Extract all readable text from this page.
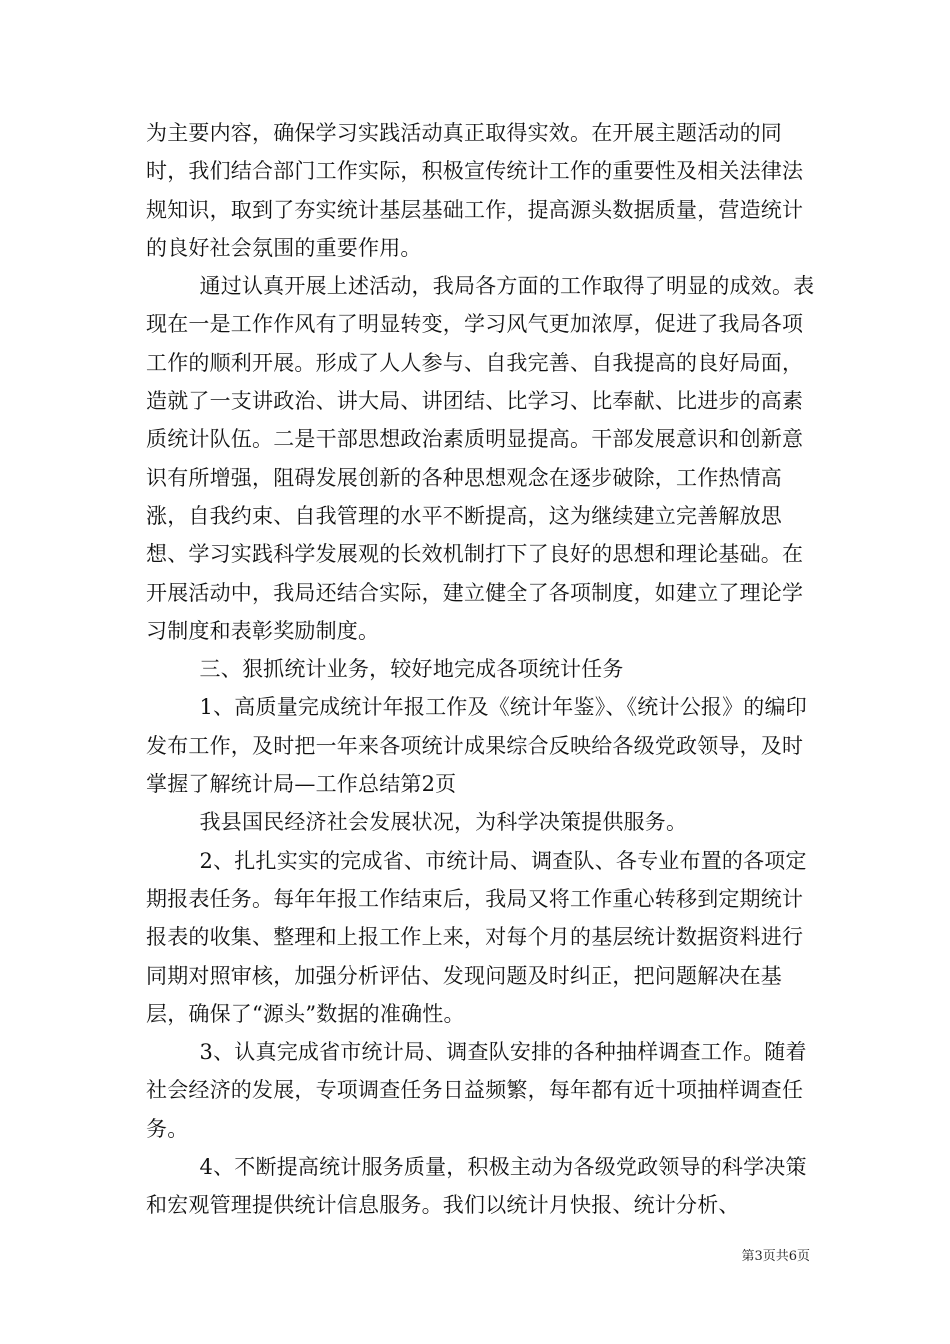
为主要内容，确保学习实践活动真正取得实效。在开展主题活动的同时，我们结合部门工作实际，积极宣传统计工作的重要性及相关法律法规知识，取到了夯实统计基层基础工作，提高源头数据质量，营造统计的良好社会氛围的重要作用。

通过认真开展上述活动，我局各方面的工作取得了明显的成效。表现在一是工作作风有了明显转变，学习风气更加浓厚，促进了我局各项工作的顺利开展。形成了人人参与、自我完善、自我提高的良好局面，造就了一支讲政治、讲大局、讲团结、比学习、比奉献、比进步的高素质统计队伍。二是干部思想政治素质明显提高。干部发展意识和创新意识有所增强，阻碍发展创新的各种思想观念在逐步破除，工作热情高涨，自我约束、自我管理的水平不断提高，这为继续建立完善解放思想、学习实践科学发展观的长效机制打下了良好的思想和理论基础。在开展活动中，我局还结合实际，建立健全了各项制度，如建立了理论学习制度和表彰奖励制度。

三、狠抓统计业务，较好地完成各项统计任务

1、高质量完成统计年报工作及《统计年鉴》、《统计公报》的编印发布工作，及时把一年来各项统计成果综合反映给各级党政领导，及时掌握了解统计局—工作总结第2页

我县国民经济社会发展状况，为科学决策提供服务。

2、扎扎实实的完成省、市统计局、调查队、各专业布置的各项定期报表任务。每年年报工作结束后，我局又将工作重心转移到定期统计报表的收集、整理和上报工作上来，对每个月的基层统计数据资料进行同期对照审核，加强分析评估、发现问题及时纠正，把问题解决在基层，确保了“源头”数据的准确性。

3、认真完成省市统计局、调查队安排的各种抽样调查工作。随着社会经济的发展，专项调查任务日益频繁，每年都有近十项抽样调查任务。

4、不断提高统计服务质量，积极主动为各级党政领导的科学决策和宏观管理提供统计信息服务。我们以统计月快报、统计分析、

第3页共6页
